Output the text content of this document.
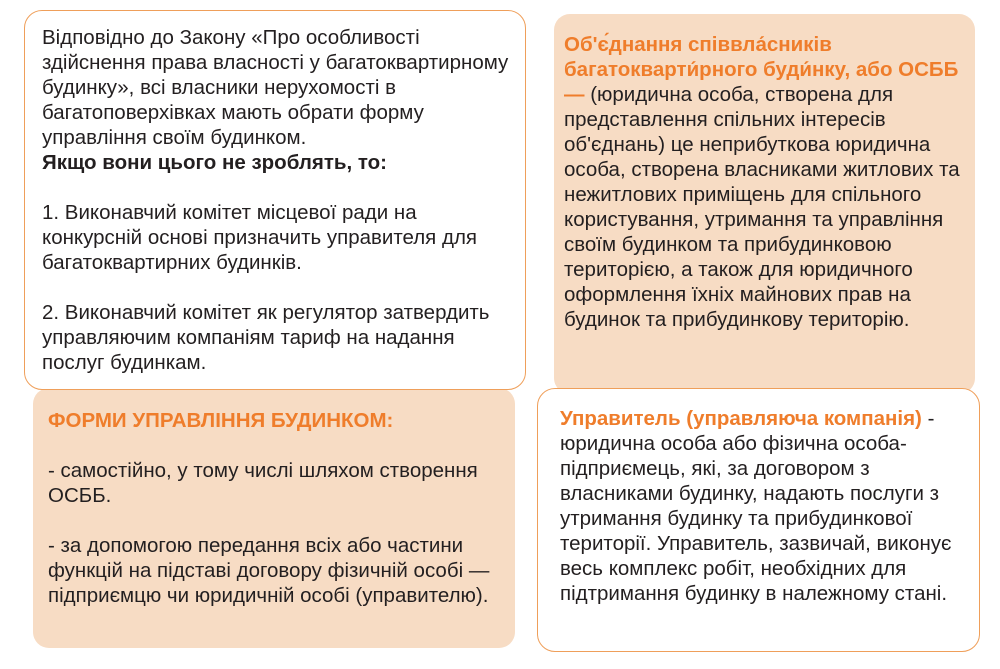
Відповідно до Закону «Про особливості здійснення права власності у багатоквартирному будинку», всі власники нерухомості в багатоповерхівках мають обрати форму управління своїм будинком.

Якщо вони цього не зроблять, то:

1. Виконавчий комітет місцевої ради на конкурсній основі призначить управителя для багатоквартирних будинків.

2. Виконавчий комітет як регулятор затвердить управляючим компаніям тариф на надання послуг будинкам.

ФОРМИ УПРАВЛІННЯ БУДИНКОМ:

- самостійно, у тому числі шляхом створення ОСББ.

- за допомогою передання всіх або частини функцій на підставі договору фізичній особі — підприємцю чи юридичній особі (управителю).

Об'є́днання співвла́сників багатокварти́рного буди́нку, або ОСББ — (юридична особа, створена для представлення спільних інтересів об'єднань) це неприбуткова юридична особа, створена власниками житлових та нежитлових приміщень для спільного користування, утримання та управління своїм будинком та прибудинковою територією, а також для юридичного оформлення їхніх майнових прав на будинок та прибудинкову територію.

Управитель (управляюча компанія) - юридична особа або фізична особа-підприємець, які, за договором з власниками будинку, надають послуги з утримання будинку та прибудинкової території. Управитель, зазвичай, виконує весь комплекс робіт, необхідних для підтримання будинку в належному стані.
